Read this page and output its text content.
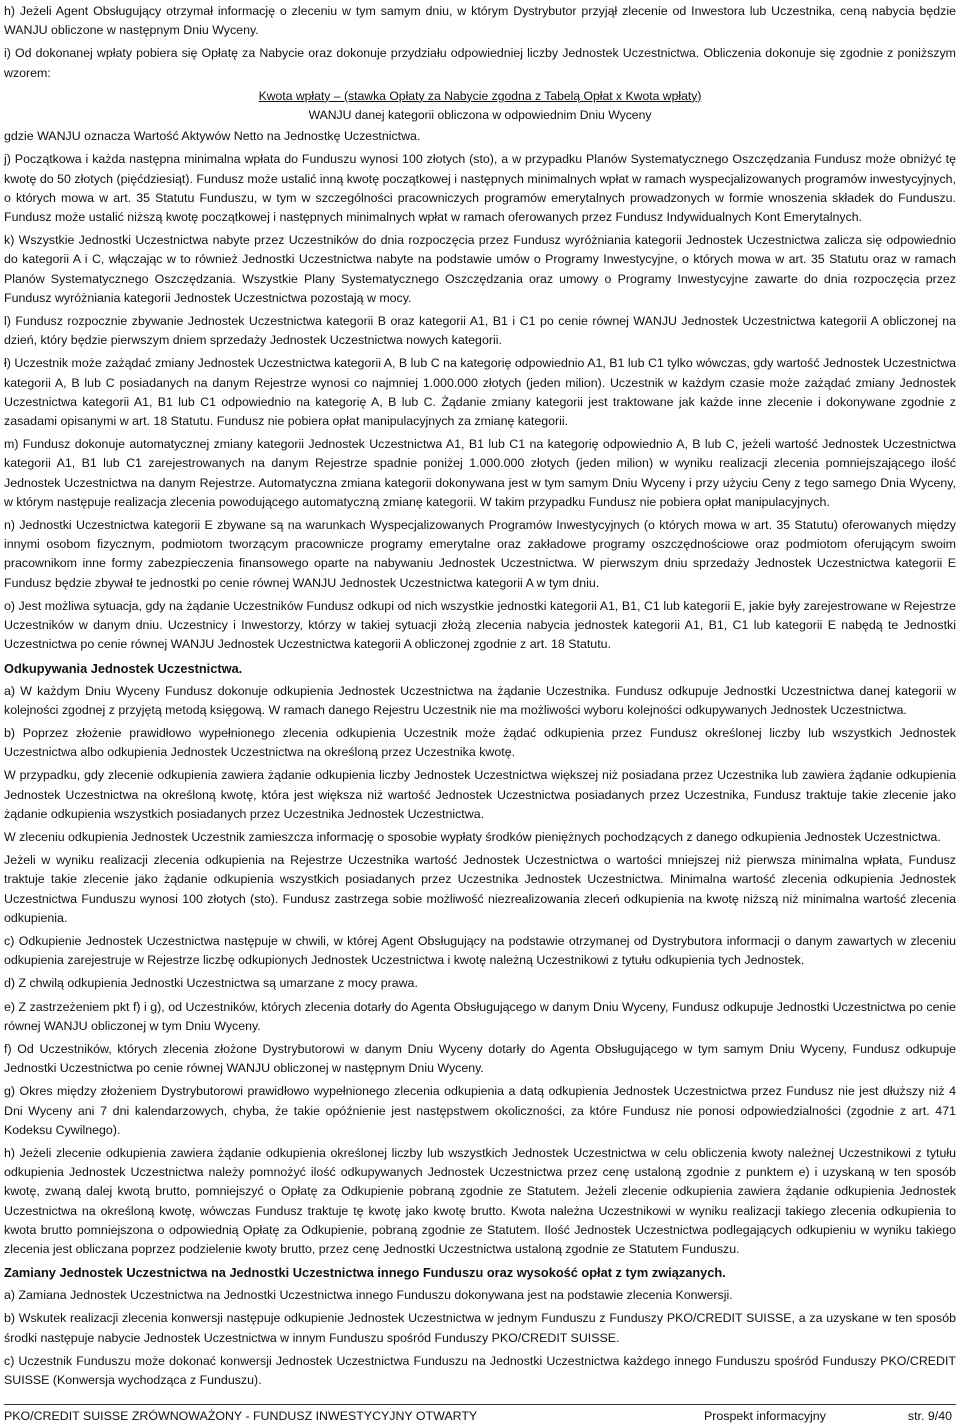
h) Jeżeli Agent Obsługujący otrzymał informację o zleceniu w tym samym dniu, w którym Dystrybutor przyjął zlecenie od Inwestora lub Uczestnika, ceną nabycia będzie WANJU obliczone w następnym Dniu Wyceny.

i) Od dokonanej wpłaty pobiera się Opłatę za Nabycie oraz dokonuje przydziału odpowiedniej liczby Jednostek Uczestnictwa. Obliczenia dokonuje się zgodnie z poniższym wzorem:

Kwota wpłaty – (stawka Opłaty za Nabycie zgodna z Tabelą Opłat x Kwota wpłaty)
WANJU danej kategorii obliczona w odpowiednim Dniu Wyceny

gdzie WANJU oznacza Wartość Aktywów Netto na Jednostkę Uczestnictwa.

j) Początkowa i każda następna minimalna wpłata do Funduszu wynosi 100 złotych (sto), a w przypadku Planów Systematycznego Oszczędzania Fundusz może obniżyć tę kwotę do 50 złotych (pięćdziesiąt). Fundusz może ustalić inną kwotę początkowej i następnych minimalnych wpłat w ramach wyspecjalizowanych programów inwestycyjnych, o których mowa w art. 35 Statutu Funduszu, w tym w szczególności pracowniczych programów emerytalnych prowadzonych w formie wnoszenia składek do Funduszu. Fundusz może ustalić niższą kwotę początkowej i następnych minimalnych wpłat w ramach oferowanych przez Fundusz Indywidualnych Kont Emerytalnych.

k) Wszystkie Jednostki Uczestnictwa nabyte przez Uczestników do dnia rozpoczęcia przez Fundusz wyróżniania kategorii Jednostek Uczestnictwa zalicza się odpowiednio do kategorii A i C, włączając w to również Jednostki Uczestnictwa nabyte na podstawie umów o Programy Inwestycyjne, o których mowa w art. 35 Statutu oraz w ramach Planów Systematycznego Oszczędzania. Wszystkie Plany Systematycznego Oszczędzania oraz umowy o Programy Inwestycyjne zawarte do dnia rozpoczęcia przez Fundusz wyróżniania kategorii Jednostek Uczestnictwa pozostają w mocy.

l) Fundusz rozpocznie zbywanie Jednostek Uczestnictwa kategorii B oraz kategorii A1, B1 i C1 po cenie równej WANJU Jednostek Uczestnictwa kategorii A obliczonej na dzień, który będzie pierwszym dniem sprzedaży Jednostek Uczestnictwa nowych kategorii.

ł) Uczestnik może zażądać zmiany Jednostek Uczestnictwa kategorii A, B lub C na kategorię odpowiednio A1, B1 lub C1 tylko wówczas, gdy wartość Jednostek Uczestnictwa kategorii A, B lub C posiadanych na danym Rejestrze wynosi co najmniej 1.000.000 złotych (jeden milion). Uczestnik w każdym czasie może zażądać zmiany Jednostek Uczestnictwa kategorii A1, B1 lub C1 odpowiednio na kategorię A, B lub C. Żądanie zmiany kategorii jest traktowane jak każde inne zlecenie i dokonywane zgodnie z zasadami opisanymi w art. 18 Statutu. Fundusz nie pobiera opłat manipulacyjnych za zmianę kategorii.

m) Fundusz dokonuje automatycznej zmiany kategorii Jednostek Uczestnictwa A1, B1 lub C1 na kategorię odpowiednio A, B lub C, jeżeli wartość Jednostek Uczestnictwa kategorii A1, B1 lub C1 zarejestrowanych na danym Rejestrze spadnie poniżej 1.000.000 złotych (jeden milion) w wyniku realizacji zlecenia pomniejszającego ilość Jednostek Uczestnictwa na danym Rejestrze. Automatyczna zmiana kategorii dokonywana jest w tym samym Dniu Wyceny i przy użyciu Ceny z tego samego Dnia Wyceny, w którym następuje realizacja zlecenia powodującego automatyczną zmianę kategorii. W takim przypadku Fundusz nie pobiera opłat manipulacyjnych.

n) Jednostki Uczestnictwa kategorii E zbywane są na warunkach Wyspecjalizowanych Programów Inwestycyjnych (o których mowa w art. 35 Statutu) oferowanych między innymi osobom fizycznym, podmiotom tworzącym pracownicze programy emerytalne oraz zakładowe programy oszczędnościowe oraz podmiotom oferującym swoim pracownikom inne formy zabezpieczenia finansowego oparte na nabywaniu Jednostek Uczestnictwa. W pierwszym dniu sprzedaży Jednostek Uczestnictwa kategorii E Fundusz będzie zbywał te jednostki po cenie równej WANJU Jednostek Uczestnictwa kategorii A w tym dniu.

o) Jest możliwa sytuacja, gdy na żądanie Uczestników Fundusz odkupi od nich wszystkie jednostki kategorii A1, B1, C1 lub kategorii E, jakie były zarejestrowane w Rejestrze Uczestników w danym dniu. Uczestnicy i Inwestorzy, którzy w takiej sytuacji złożą zlecenia nabycia jednostek kategorii A1, B1, C1 lub kategorii E nabędą te Jednostki Uczestnictwa po cenie równej WANJU Jednostek Uczestnictwa kategorii A obliczonej zgodnie z art. 18 Statutu.

Odkupywania Jednostek Uczestnictwa.

a) W każdym Dniu Wyceny Fundusz dokonuje odkupienia Jednostek Uczestnictwa na żądanie Uczestnika. Fundusz odkupuje Jednostki Uczestnictwa danej kategorii w kolejności zgodnej z przyjętą metodą księgową. W ramach danego Rejestru Uczestnik nie ma możliwości wyboru kolejności odkupywanych Jednostek Uczestnictwa.

b) Poprzez złożenie prawidłowo wypełnionego zlecenia odkupienia Uczestnik może żądać odkupienia przez Fundusz określonej liczby lub wszystkich Jednostek Uczestnictwa albo odkupienia Jednostek Uczestnictwa na określoną przez Uczestnika kwotę.

W przypadku, gdy zlecenie odkupienia zawiera żądanie odkupienia liczby Jednostek Uczestnictwa większej niż posiadana przez Uczestnika lub zawiera żądanie odkupienia Jednostek Uczestnictwa na określoną kwotę, która jest większa niż wartość Jednostek Uczestnictwa posiadanych przez Uczestnika, Fundusz traktuje takie zlecenie jako żądanie odkupienia wszystkich posiadanych przez Uczestnika Jednostek Uczestnictwa.

W zleceniu odkupienia Jednostek Uczestnik zamieszcza informację o sposobie wypłaty środków pieniężnych pochodzących z danego odkupienia Jednostek Uczestnictwa.

Jeżeli w wyniku realizacji zlecenia odkupienia na Rejestrze Uczestnika wartość Jednostek Uczestnictwa o wartości mniejszej niż pierwsza minimalna wpłata, Fundusz traktuje takie zlecenie jako żądanie odkupienia wszystkich posiadanych przez Uczestnika Jednostek Uczestnictwa. Minimalna wartość zlecenia odkupienia Jednostek Uczestnictwa Funduszu wynosi 100 złotych (sto). Fundusz zastrzega sobie możliwość niezrealizowania zleceń odkupienia na kwotę niższą niż minimalna wartość zlecenia odkupienia.

c) Odkupienie Jednostek Uczestnictwa następuje w chwili, w której Agent Obsługujący na podstawie otrzymanej od Dystrybutora informacji o danym zawartych w zleceniu odkupienia zarejestruje w Rejestrze liczbę odkupionych Jednostek Uczestnictwa i kwotę należną Uczestnikowi z tytułu odkupienia tych Jednostek.

d) Z chwilą odkupienia Jednostki Uczestnictwa są umarzane z mocy prawa.

e) Z zastrzeżeniem pkt f) i g), od Uczestników, których zlecenia dotarły do Agenta Obsługującego w danym Dniu Wyceny, Fundusz odkupuje Jednostki Uczestnictwa po cenie równej WANJU obliczonej w tym Dniu Wyceny.

f) Od Uczestników, których zlecenia złożone Dystrybutorowi w danym Dniu Wyceny dotarły do Agenta Obsługującego w tym samym Dniu Wyceny, Fundusz odkupuje Jednostki Uczestnictwa po cenie równej WANJU obliczonej w następnym Dniu Wyceny.

g) Okres między złożeniem Dystrybutorowi prawidłowo wypełnionego zlecenia odkupienia a datą odkupienia Jednostek Uczestnictwa przez Fundusz nie jest dłuższy niż 4 Dni Wyceny ani 7 dni kalendarzowych, chyba, że takie opóźnienie jest następstwem okoliczności, za które Fundusz nie ponosi odpowiedzialności (zgodnie z art. 471 Kodeksu Cywilnego).

h) Jeżeli zlecenie odkupienia zawiera żądanie odkupienia określonej liczby lub wszystkich Jednostek Uczestnictwa w celu obliczenia kwoty należnej Uczestnikowi z tytułu odkupienia Jednostek Uczestnictwa należy pomnożyć ilość odkupywanych Jednostek Uczestnictwa przez cenę ustaloną zgodnie z punktem e) i uzyskaną w ten sposób kwotę, zwaną dalej kwotą brutto, pomniejszyć o Opłatę za Odkupienie pobraną zgodnie ze Statutem. Jeżeli zlecenie odkupienia zawiera żądanie odkupienia Jednostek Uczestnictwa na określoną kwotę, wówczas Fundusz traktuje tę kwotę jako kwotę brutto. Kwota należna Uczestnikowi w wyniku realizacji takiego zlecenia odkupienia to kwota brutto pomniejszona o odpowiednią Opłatę za Odkupienie, pobraną zgodnie ze Statutem. Ilość Jednostek Uczestnictwa podlegających odkupieniu w wyniku takiego zlecenia jest obliczana poprzez podzielenie kwoty brutto, przez cenę Jednostki Uczestnictwa ustaloną zgodnie ze Statutem Funduszu.

Zamiany Jednostek Uczestnictwa na Jednostki Uczestnictwa innego Funduszu oraz wysokość opłat z tym związanych.

a) Zamiana Jednostek Uczestnictwa na Jednostki Uczestnictwa innego Funduszu dokonywana jest na podstawie zlecenia Konwersji.

b) Wskutek realizacji zlecenia konwersji następuje odkupienie Jednostek Uczestnictwa w jednym Funduszu z Funduszy PKO/CREDIT SUISSE, a za uzyskane w ten sposób środki następuje nabycie Jednostek Uczestnictwa w innym Funduszu spośród Funduszy PKO/CREDIT SUISSE.

c) Uczestnik Funduszu może dokonać konwersji Jednostek Uczestnictwa Funduszu na Jednostki Uczestnictwa każdego innego Funduszu spośród Funduszy PKO/CREDIT SUISSE (Konwersja wychodząca z Funduszu).

PKO/CREDIT SUISSE ZRÓWNOWAŻONY - FUNDUSZ INWESTYCYJNY OTWARTY	Prospekt informacyjny	str. 9/40
